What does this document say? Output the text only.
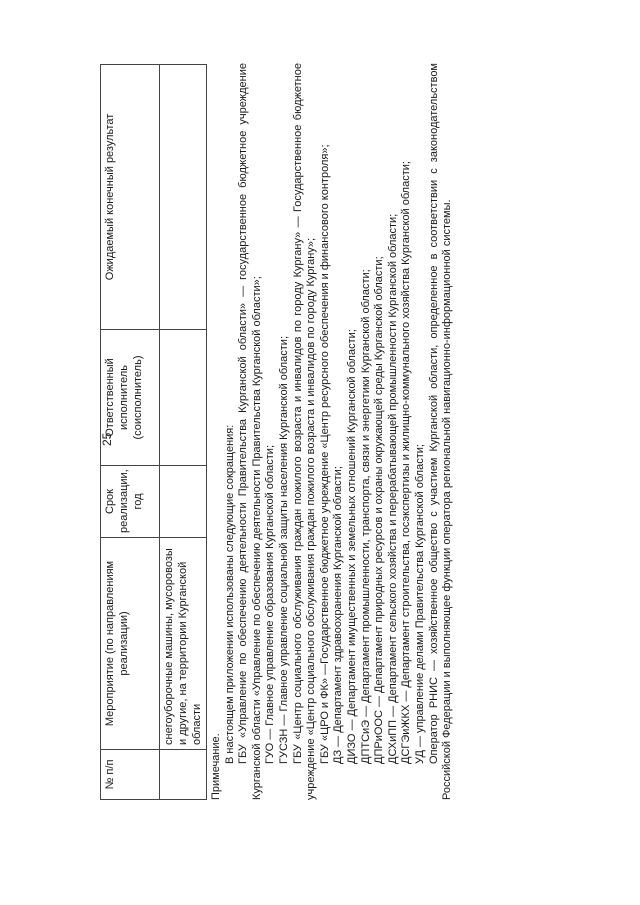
25
№ п/п	Мероприятие (по направлениям реализации)	Срок реализации, год	Ответственный исполнитель (соисполнитель)	Ожидаемый конечный результат
	снегоуборочные машины, мусоровозы и другие, на территории Курганской области			

Примечание.

В настоящем приложении использованы следующие сокращения: ГБУ «Управление по обеспечению деятельности Правительства Курганской области» — государственное бюджетное учреждение Курганской области «Управление по обеспечению деятельности Правительства Курганской области»; ГУО — Главное управление образования Курганской области; ГУСЗН — Главное управление социальной защиты населения Курганской области; ГБУ «Центр социального обслуживания граждан пожилого возраста и инвалидов по городу Кургану» — Государственное бюджетное учреждение «Центр социального обслуживания граждан пожилого возраста и инвалидов по городу Кургану»; ГБУ «ЦРО и ФК» —Государственное бюджетное учреждение «Центр ресурсного обеспечения и финансового контроля»; ДЗ — Департамент здравоохранения Курганской области; ДИЗО — Департамент имущественных и земельных отношений Курганской области; ДПТСиЭ — Департамент промышленности, транспорта, связи и энергетики Курганской области; ДПРиООС — Департамент природных ресурсов и охраны окружающей среды Курганской области; ДСХиПП — Департамент сельского хозяйства и перерабатывающей промышленности Курганской области; ДСГЭиЖКХ — Департамент строительства, госэкспертизы и жилищно-коммунального хозяйства Курганской области; УД — управление делами Правительства Курганской области; Оператор РНИС — хозяйственное общество с участием Курганской области, определенное в соответствии с законодательством Российской Федерации и выполняющее функции оператора региональной навигационно-информационной системы.
